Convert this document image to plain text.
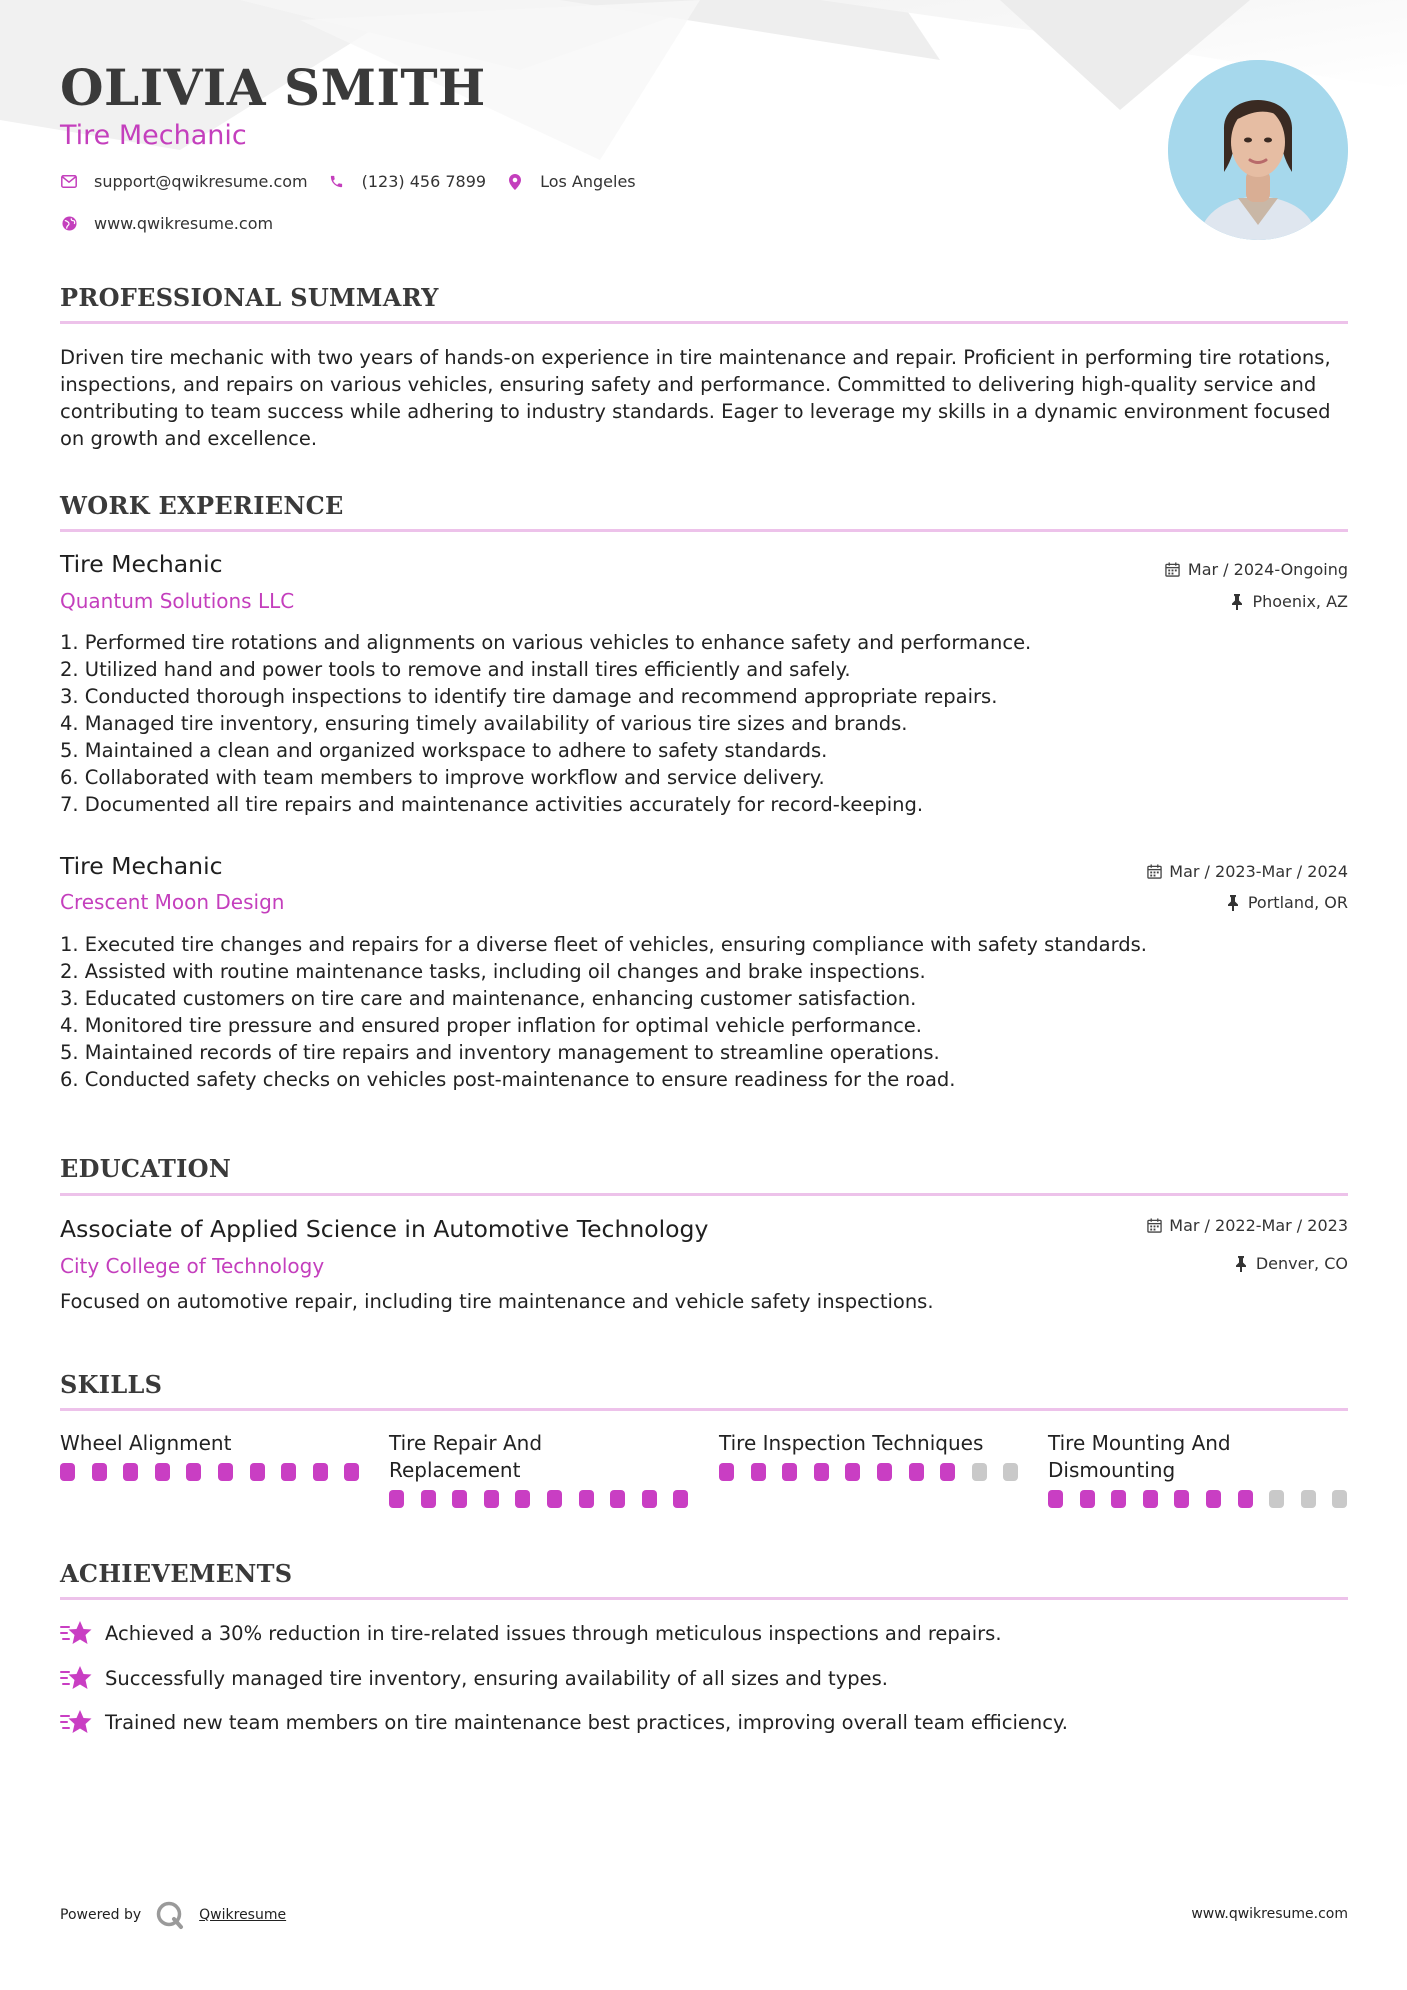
OLIVIA SMITH
Tire Mechanic
support@qwikresume.com	(123) 456 7899	Los Angeles
www.qwikresume.com
PROFESSIONAL SUMMARY
Driven tire mechanic with two years of hands-on experience in tire maintenance and repair. Proficient in performing tire rotations, inspections, and repairs on various vehicles, ensuring safety and performance. Committed to delivering high-quality service and contributing to team success while adhering to industry standards. Eager to leverage my skills in a dynamic environment focused on growth and excellence.
WORK EXPERIENCE
Tire Mechanic
Quantum Solutions LLC
Mar / 2024-Ongoing
Phoenix, AZ
1. Performed tire rotations and alignments on various vehicles to enhance safety and performance.
2. Utilized hand and power tools to remove and install tires efficiently and safely.
3. Conducted thorough inspections to identify tire damage and recommend appropriate repairs.
4. Managed tire inventory, ensuring timely availability of various tire sizes and brands.
5. Maintained a clean and organized workspace to adhere to safety standards.
6. Collaborated with team members to improve workflow and service delivery.
7. Documented all tire repairs and maintenance activities accurately for record-keeping.
Tire Mechanic
Crescent Moon Design
Mar / 2023-Mar / 2024
Portland, OR
1. Executed tire changes and repairs for a diverse fleet of vehicles, ensuring compliance with safety standards.
2. Assisted with routine maintenance tasks, including oil changes and brake inspections.
3. Educated customers on tire care and maintenance, enhancing customer satisfaction.
4. Monitored tire pressure and ensured proper inflation for optimal vehicle performance.
5. Maintained records of tire repairs and inventory management to streamline operations.
6. Conducted safety checks on vehicles post-maintenance to ensure readiness for the road.
EDUCATION
Associate of Applied Science in Automotive Technology
City College of Technology
Mar / 2022-Mar / 2023
Denver, CO
Focused on automotive repair, including tire maintenance and vehicle safety inspections.
SKILLS
Wheel Alignment	Tire Repair And
Replacement
Tire Inspection Techniques	Tire Mounting And
Dismounting
ACHIEVEMENTS
Achieved a 30% reduction in tire-related issues through meticulous inspections and repairs.
Successfully managed tire inventory, ensuring availability of all sizes and types.
Trained new team members on tire maintenance best practices, improving overall team efficiency.
Powered by	Qwikresume	www.qwikresume.com
